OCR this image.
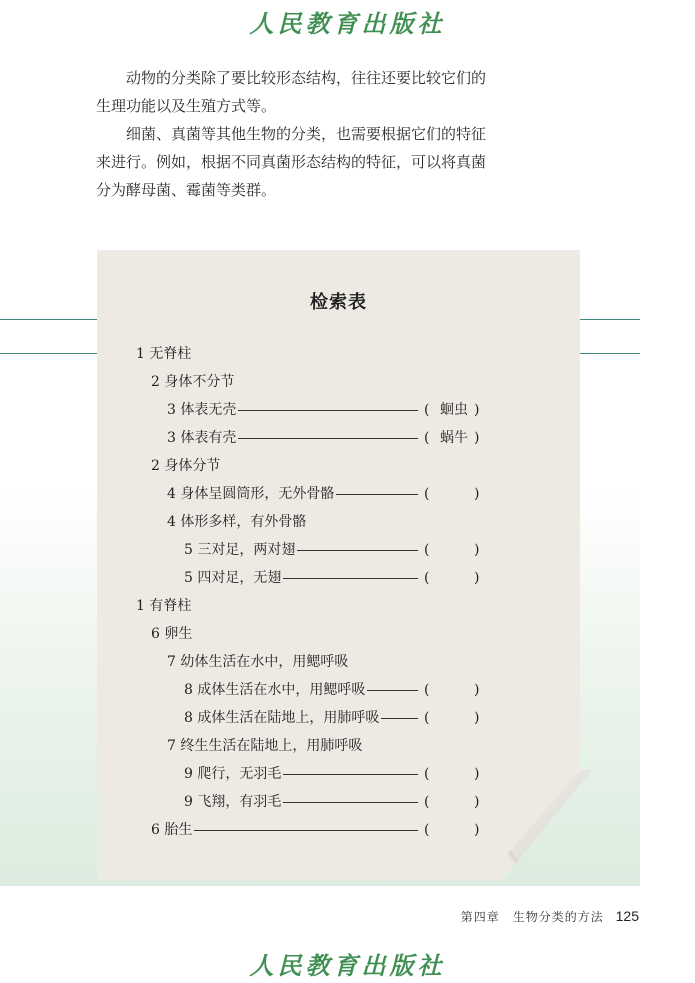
人民教育出版社

动物的分类除了要比较形态结构，往往还要比较它们的生理功能以及生殖方式等。

细菌、真菌等其他生物的分类，也需要根据它们的特征来进行。例如，根据不同真菌形态结构的特征，可以将真菌分为酵母菌、霉菌等类群。

检索表
1 无脊柱
2 身体不分节
3 体表无壳	( 蛔虫 )
3 体表有壳	( 蜗牛 )
2 身体分节
4 身体呈圆筒形，无外骨骼	(	)
4 体形多样，有外骨骼
5 三对足，两对翅	(	)
5 四对足，无翅	(	)
1 有脊柱
6 卵生
7 幼体生活在水中，用鳃呼吸
8 成体生活在水中，用鳃呼吸	(	)
8 成体生活在陆地上，用肺呼吸	(	)
7 终生生活在陆地上，用肺呼吸
9 爬行，无羽毛	(	)
9 飞翔，有羽毛	(	)
6 胎生	(	)
人民教育出版社
第四章　生物分类的方法 125
